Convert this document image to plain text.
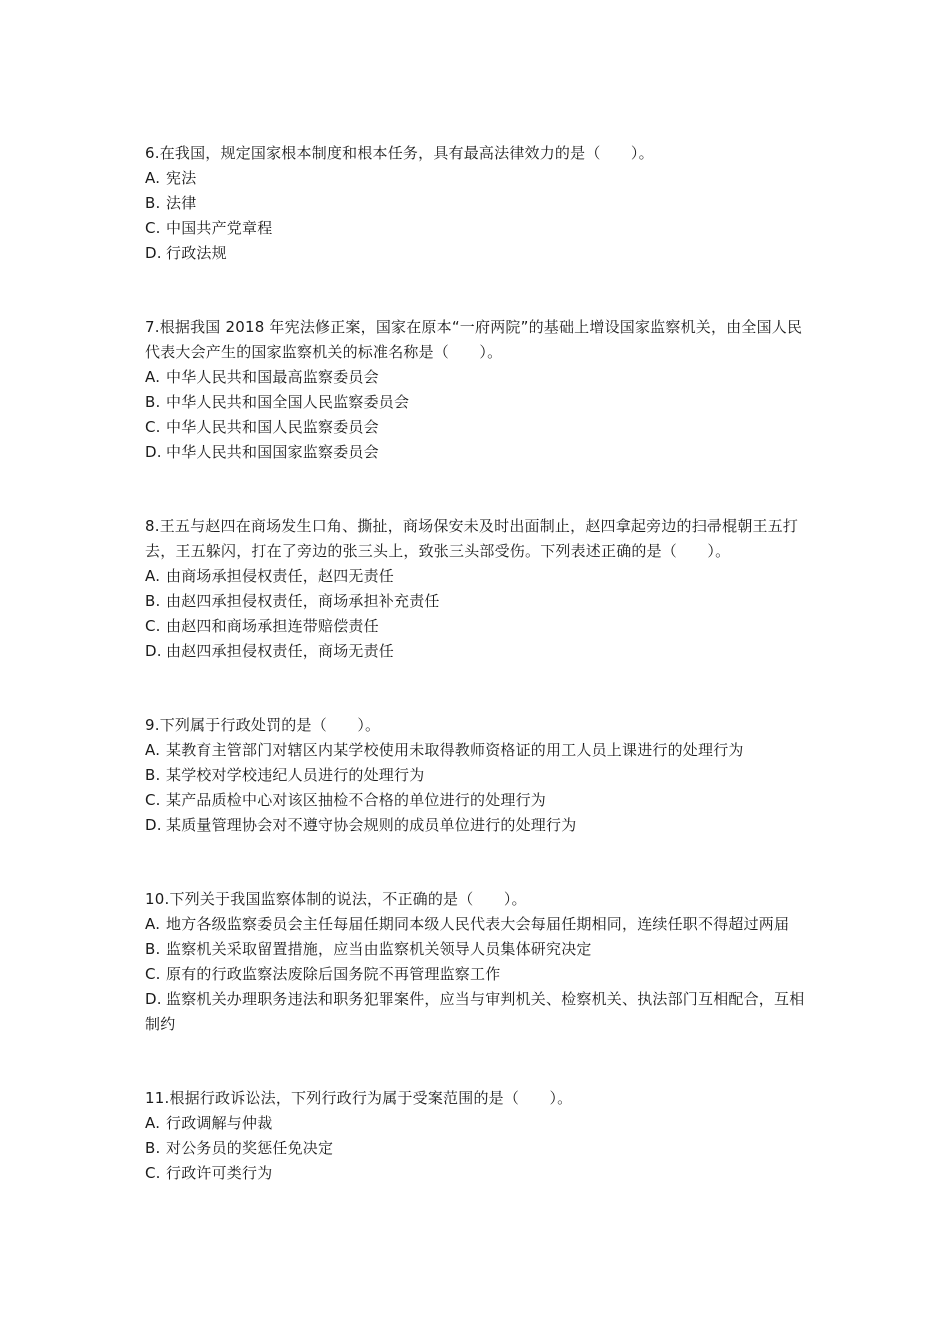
6.在我国，规定国家根本制度和根本任务，具有最高法律效力的是（　　）。

A. 宪法

B. 法律

C. 中国共产党章程

D. 行政法规

7.根据我国 2018 年宪法修正案，国家在原本“一府两院”的基础上增设国家监察机关，由全国人民代表大会产生的国家监察机关的标准名称是（　　）。

A. 中华人民共和国最高监察委员会

B. 中华人民共和国全国人民监察委员会

C. 中华人民共和国人民监察委员会

D. 中华人民共和国国家监察委员会

8.王五与赵四在商场发生口角、撕扯，商场保安未及时出面制止，赵四拿起旁边的扫帚棍朝王五打去，王五躲闪，打在了旁边的张三头上，致张三头部受伤。下列表述正确的是（　　）。

A. 由商场承担侵权责任，赵四无责任

B. 由赵四承担侵权责任，商场承担补充责任

C. 由赵四和商场承担连带赔偿责任

D. 由赵四承担侵权责任，商场无责任

9.下列属于行政处罚的是（　　）。

A. 某教育主管部门对辖区内某学校使用未取得教师资格证的用工人员上课进行的处理行为

B. 某学校对学校违纪人员进行的处理行为

C. 某产品质检中心对该区抽检不合格的单位进行的处理行为

D. 某质量管理协会对不遵守协会规则的成员单位进行的处理行为

10.下列关于我国监察体制的说法，不正确的是（　　）。

A. 地方各级监察委员会主任每届任期同本级人民代表大会每届任期相同，连续任职不得超过两届

B. 监察机关采取留置措施，应当由监察机关领导人员集体研究决定

C. 原有的行政监察法废除后国务院不再管理监察工作

D. 监察机关办理职务违法和职务犯罪案件，应当与审判机关、检察机关、执法部门互相配合，互相制约

11.根据行政诉讼法，下列行政行为属于受案范围的是（　　）。

A. 行政调解与仲裁

B. 对公务员的奖惩任免决定

C. 行政许可类行为
